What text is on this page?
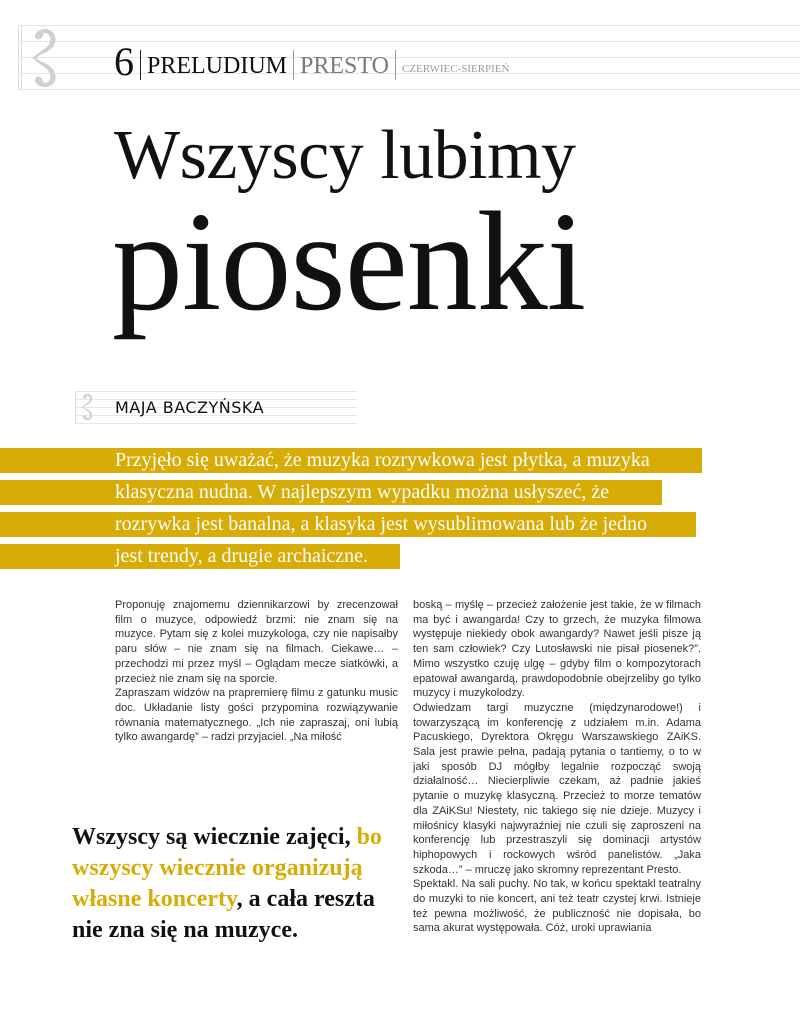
6 PRELUDIUM PRESTO CZERWIEC-SIERPIEŃ
Wszyscy lubimy
piosenki
MAJA BACZYŃSKA
Przyjęło się uważać, że muzyka rozrywkowa jest płytka, a muzyka
klasyczna nudna. W najlepszym wypadku można usłyszeć, że
rozrywka jest banalna, a klasyka jest wysublimowana lub że jedno
jest trendy, a drugie archaiczne.

Proponuję znajomemu dziennikarzowi by zrecenzował film o muzyce, odpowiedź brzmi: nie znam się na muzyce. Pytam się z kolei muzykologa, czy nie napisałby paru słów – nie znam się na filmach. Ciekawe… – przechodzi mi przez myśl – Oglądam mecze siatkówki, a przecież nie znam się na sporcie.

Zapraszam widzów na prapremierę filmu z gatunku music doc. Układanie listy gości przypomina rozwiązywanie równania matematycznego. „Ich nie zapraszaj, oni lubią tylko awangardę” – radzi przyjaciel. „Na miłość

boską – myślę – przecież założenie jest takie, że w filmach ma być i awangarda! Czy to grzech, że muzyka filmowa występuje niekiedy obok awangardy? Nawet jeśli pisze ją ten sam człowiek? Czy Lutosławski nie pisał piosenek?”. Mimo wszystko czuję ulgę – gdyby film o kompozytorach epatował awangardą, prawdopodobnie obejrzeliby go tylko muzycy i muzykolodzy.

Odwiedzam targi muzyczne (międzynarodowe!) i towarzyszącą im konferencję z udziałem m.in. Adama Pacuskiego, Dyrektora Okręgu Warszawskiego ZAiKS. Sala jest prawie pełna, padają pytania o tantiemy, o to w jaki sposób DJ mógłby legalnie rozpocząć swoją działalność… Niecierpliwie czekam, aż padnie jakieś pytanie o muzykę klasyczną. Przecież to morze tematów dla ZAiKSu! Niestety, nic takiego się nie dzieje. Muzycy i miłośnicy klasyki najwyraźniej nie czuli się zaproszeni na konferencję lub przestraszyli się dominacji artystów hiphopowych i rockowych wśród panelistów. „Jaka szkoda…” – mruczę jako skromny reprezentant Presto.

Spektakl. Na sali puchy. No tak, w końcu spektakl teatralny do muzyki to nie koncert, ani też teatr czystej krwi. Istnieje też pewna możliwość, że publiczność nie dopisała, bo sama akurat występowała. Cóż, uroki uprawiania

Wszyscy są wiecznie zajęci, bo wszyscy wiecznie organizują własne koncerty, a cała reszta nie zna się na muzyce.
